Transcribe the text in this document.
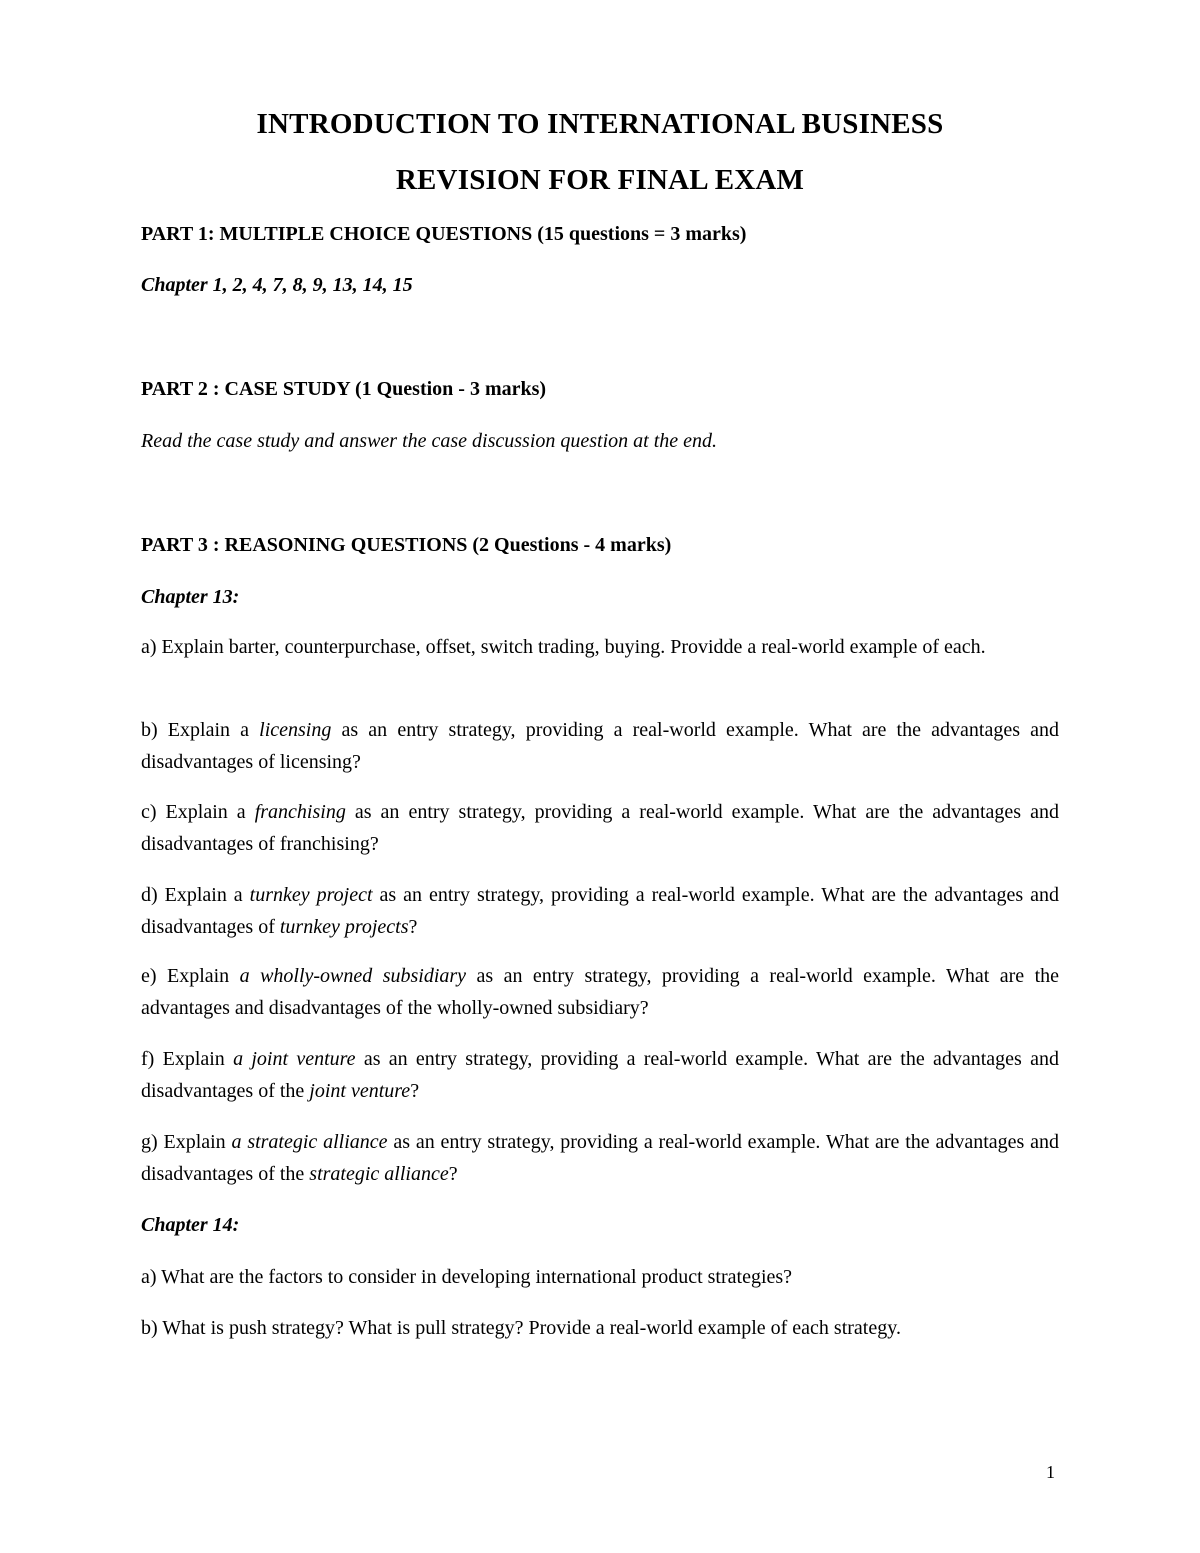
INTRODUCTION TO INTERNATIONAL BUSINESS
REVISION FOR FINAL EXAM
PART 1: MULTIPLE CHOICE QUESTIONS (15 questions = 3 marks)
Chapter 1, 2, 4, 7, 8, 9, 13, 14, 15
PART 2 : CASE STUDY (1 Question - 3 marks)
Read the case study and answer the case discussion question at the end.
PART 3 : REASONING QUESTIONS (2 Questions - 4 marks)
Chapter 13:
a) Explain barter, counterpurchase, offset, switch trading, buying. Providde a real-world example of each.
b) Explain a licensing as an entry strategy, providing a real-world example. What are the advantages and disadvantages of licensing?
c) Explain a franchising as an entry strategy, providing a real-world example. What are the advantages and disadvantages of franchising?
d) Explain a turnkey project as an entry strategy, providing a real-world example. What are the advantages and disadvantages of turnkey projects?
e) Explain a wholly-owned subsidiary as an entry strategy, providing a real-world example. What are the advantages and disadvantages of the wholly-owned subsidiary?
f) Explain a joint venture as an entry strategy, providing a real-world example. What are the advantages and disadvantages of the joint venture?
g) Explain a strategic alliance as an entry strategy, providing a real-world example. What are the advantages and disadvantages of the strategic alliance?
Chapter 14:
a) What are the factors to consider in developing international product strategies?
b) What is push strategy? What is pull strategy? Provide a real-world example of each strategy.
1
